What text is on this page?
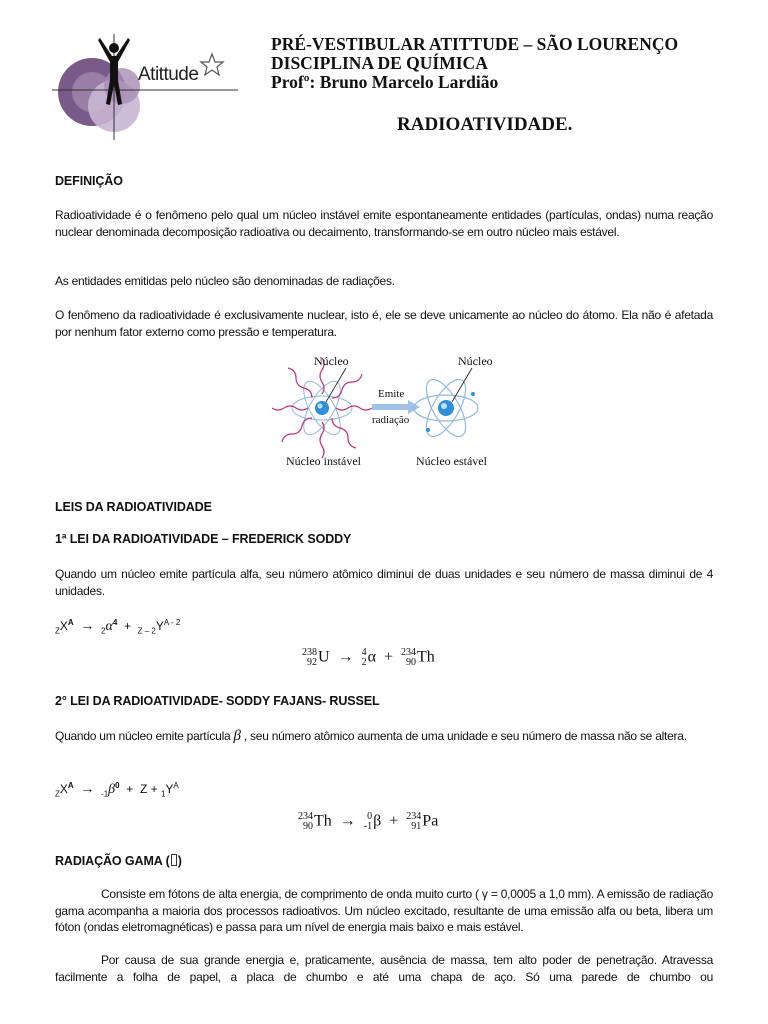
Atittude
PRÉ-VESTIBULAR ATITTUDE – SÃO LOURENÇO
DISCIPLINA DE QUÍMICA
Profº: Bruno Marcelo Lardião
RADIOATIVIDADE.
DEFINIÇÃO
Radioatividade é o fenômeno pelo qual um núcleo instável emite espontaneamente entidades (partículas, ondas) numa reação nuclear denominada decomposição radioativa ou decaimento, transformando-se em outro núcleo mais estável.
As entidades emitidas pelo núcleo são denominadas de radiações.
O fenômeno da radioatividade é exclusivamente nuclear, isto é, ele se deve unicamente ao núcleo do átomo. Ela não é afetada por nenhum fator externo como pressão e temperatura.
Núcleo	Núcleo
Emite
radiação
Núcleo instável	Núcleo estável
LEIS DA RADIOATIVIDADE
1ª LEI DA RADIOATIVIDADE – FREDERICK SODDY
Quando um núcleo emite partícula alfa, seu número atômico diminui de duas unidades e seu número de massa diminui de 4 unidades.
$_ZX^A \to _2\alpha^4 + _{Z - 2}Y^{A - 2}$
238
92 U  → 4
2 α  + 234
90 Th
2° LEI DA RADIOATIVIDADE- SODDY FAJANS- RUSSEL
Quando um núcleo emite partícula β , seu número atômico aumenta de uma unidade e seu número de massa não se altera.
$_ZX^A \to _{-1}\beta^0 + Z + _1Y^A$
234
90 Th  → 0
-1 β  + 234
91 Pa
RADIAÇÃO GAMA ( )
Consiste em fótons de alta energia, de comprimento de onda muito curto ( γ = 0,0005 a 1,0 mm). A emissão de radiação gama acompanha a maioria dos processos radioativos. Um núcleo excitado, resultante de uma emissão alfa ou beta, libera um fóton (ondas eletromagnéticas) e passa para um nível de energia mais baixo e mais estável.
Por causa de sua grande energia e, praticamente, ausência de massa, tem alto poder de penetração. Atravessa facilmente a folha de papel, a placa de chumbo e até uma chapa de aço. Só uma parede de chumbo ou
